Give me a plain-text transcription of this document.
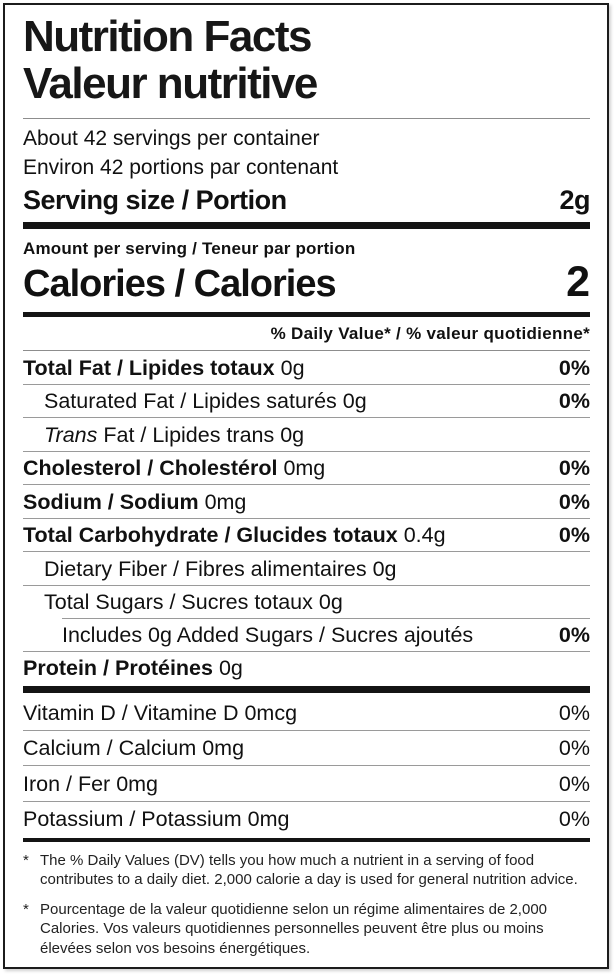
Nutrition Facts
Valeur nutritive
About 42 servings per container
Environ 42 portions par contenant
Serving size / Portion	2g
Amount per serving / Teneur par portion
Calories / Calories	2
% Daily Value* / % valeur quotidienne*
Total Fat / Lipides totaux 0g	0%
Saturated Fat / Lipides saturés 0g	0%
Trans Fat / Lipides trans 0g
Cholesterol / Cholestérol 0mg	0%
Sodium / Sodium 0mg	0%
Total Carbohydrate / Glucides totaux 0.4g	0%
Dietary Fiber / Fibres alimentaires 0g
Total Sugars / Sucres totaux 0g
Includes 0g Added Sugars / Sucres ajoutés	0%
Protein / Protéines 0g
Vitamin D / Vitamine D 0mcg	0%
Calcium / Calcium 0mg	0%
Iron / Fer 0mg	0%
Potassium / Potassium 0mg	0%
* The % Daily Values (DV) tells you how much a nutrient in a serving of food contributes to a daily diet. 2,000 calorie a day is used for general nutrition advice.
* Pourcentage de la valeur quotidienne selon un régime alimentaires de 2,000 Calories. Vos valeurs quotidiennes personnelles peuvent être plus ou moins élevées selon vos besoins énergétiques.
